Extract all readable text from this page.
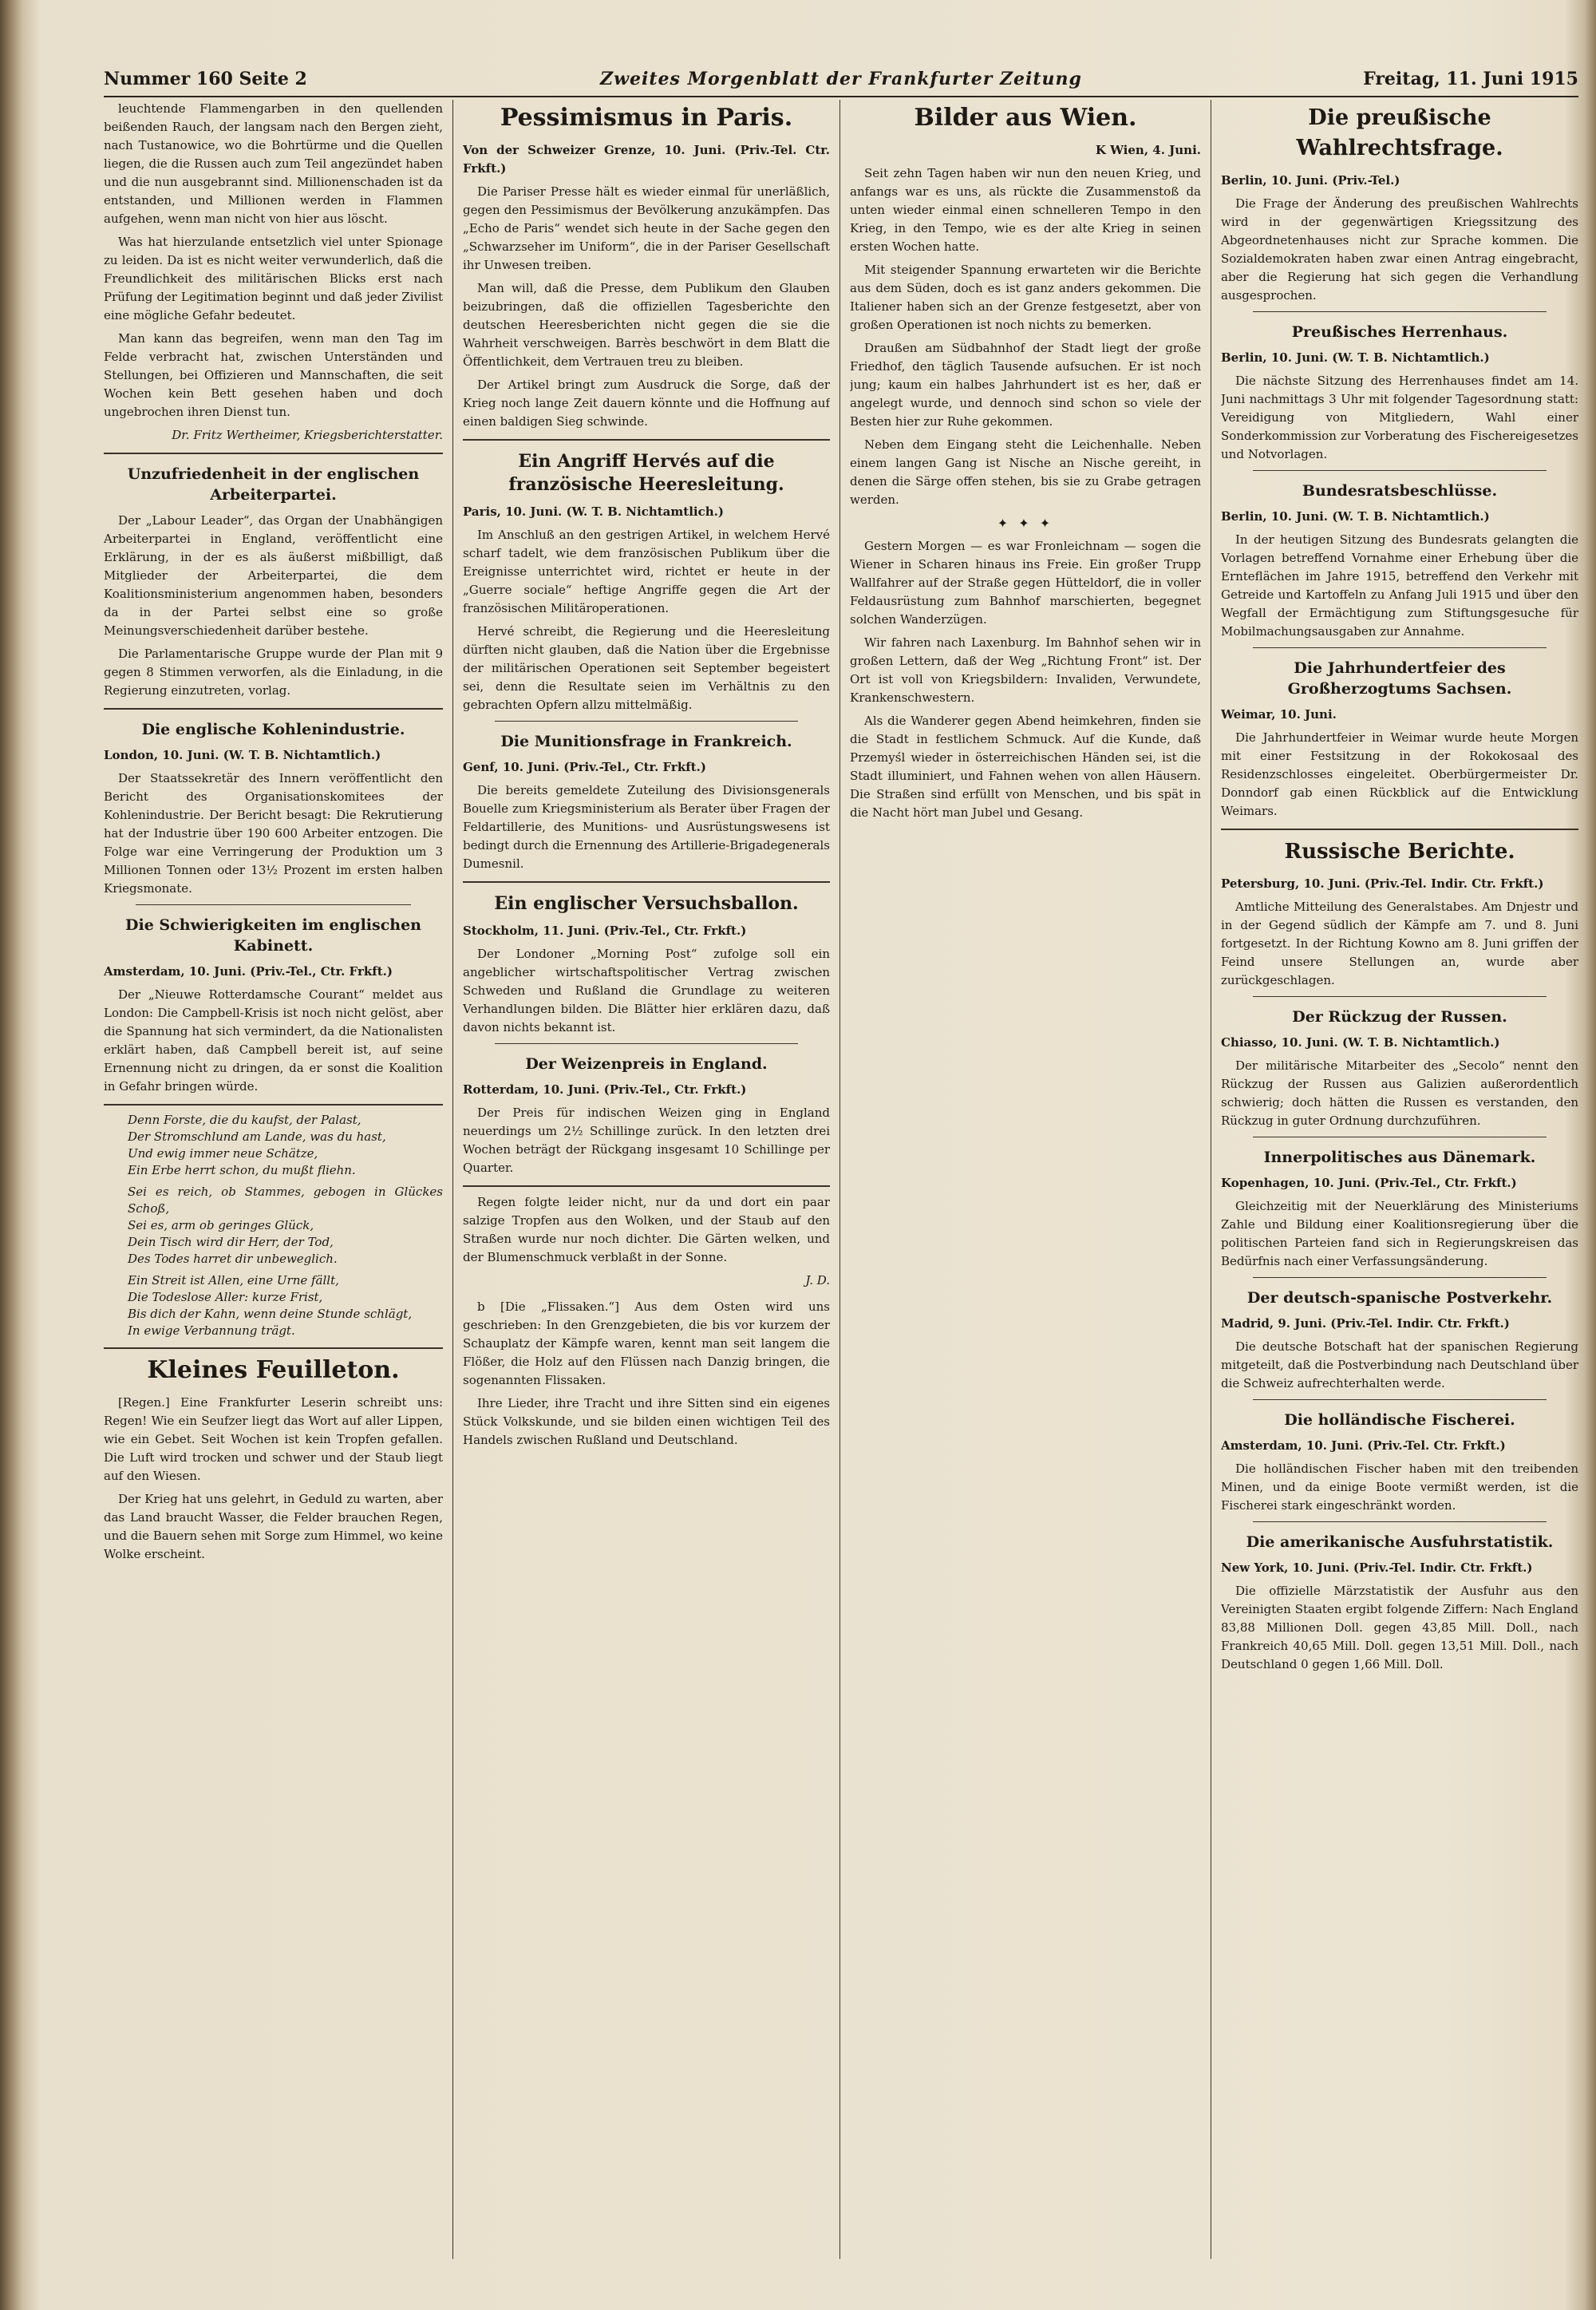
Nummer 160 Seite 2	Zweites Morgenblatt der Frankfurter Zeitung	Freitag, 11. Juni 1915

leuchtende Flammengarben in den quellenden beißenden Rauch, der langsam nach den Bergen zieht, nach Tustanowice, wo die Bohrtürme und die Quellen liegen, die die Russen auch zum Teil angezündet haben und die nun ausgebrannt sind. Millionenschaden ist da entstanden, und Millionen werden in Flammen aufgehen, wenn man nicht von hier aus löscht.

Was hat hierzulande entsetzlich viel unter Spionage zu leiden. Da ist es nicht weiter verwunderlich, daß die Freundlichkeit des militärischen Blicks erst nach Prüfung der Legitimation beginnt und daß jeder Zivilist eine mögliche Gefahr bedeutet.

Man kann das begreifen, wenn man den Tag im Felde verbracht hat, zwischen Unterständen und Stellungen, bei Offizieren und Mannschaften, die seit Wochen kein Bett gesehen haben und doch ungebrochen ihren Dienst tun.

Dr. Fritz Wertheimer, Kriegsberichterstatter.

Unzufriedenheit in der englischen Arbeiterpartei.

Der „Labour Leader“, das Organ der Unabhängigen Arbeiterpartei in England, veröffentlicht eine Erklärung, in der es als äußerst mißbilligt, daß Mitglieder der Arbeiterpartei, die dem Koalitionsministerium angenommen haben, besonders da in der Partei selbst eine so große Meinungsverschiedenheit darüber bestehe.

Die Parlamentarische Gruppe wurde der Plan mit 9 gegen 8 Stimmen verworfen, als die Einladung, in die Regierung einzutreten, vorlag.

Die englische Kohlenindustrie.

London, 10. Juni. (W. T. B. Nichtamtlich.)

Der Staatssekretär des Innern veröffentlicht den Bericht des Organisationskomitees der Kohlenindustrie. Der Bericht besagt: Die Rekrutierung hat der Industrie über 190 600 Arbeiter entzogen. Die Folge war eine Verringerung der Produktion um 3 Millionen Tonnen oder 13½ Prozent im ersten halben Kriegsmonate.

Die Schwierigkeiten im englischen Kabinett.

Amsterdam, 10. Juni. (Priv.-Tel., Ctr. Frkft.)

Der „Nieuwe Rotterdamsche Courant“ meldet aus London: Die Campbell-Krisis ist noch nicht gelöst, aber die Spannung hat sich vermindert, da die Nationalisten erklärt haben, daß Campbell bereit ist, auf seine Ernennung nicht zu dringen, da er sonst die Koalition in Gefahr bringen würde.

Denn Forste, die du kaufst, der Palast,
Der Stromschlund am Lande, was du hast,
Und ewig immer neue Schätze,
Ein Erbe herrt schon, du mußt fliehn.

Sei es reich, ob Stammes, gebogen in Glückes Schoß,
Sei es, arm ob geringes Glück,
Dein Tisch wird dir Herr, der Tod,
Des Todes harret dir unbeweglich.

Ein Streit ist Allen, eine Urne fällt,
Die Todeslose Aller: kurze Frist,
Bis dich der Kahn, wenn deine Stunde schlägt,
In ewige Verbannung trägt.

Kleines Feuilleton.

[Regen.] Eine Frankfurter Leserin schreibt uns: Regen! Wie ein Seufzer liegt das Wort auf aller Lippen, wie ein Gebet. Seit Wochen ist kein Tropfen gefallen. Die Luft wird trocken und schwer und der Staub liegt auf den Wiesen.

Der Krieg hat uns gelehrt, in Geduld zu warten, aber das Land braucht Wasser, die Felder brauchen Regen, und die Bauern sehen mit Sorge zum Himmel, wo keine Wolke erscheint.

Pessimismus in Paris.

Von der Schweizer Grenze, 10. Juni. (Priv.-Tel. Ctr. Frkft.)

Die Pariser Presse hält es wieder einmal für unerläßlich, gegen den Pessimismus der Bevölkerung anzukämpfen. Das „Echo de Paris“ wendet sich heute in der Sache gegen den „Schwarzseher im Uniform“, die in der Pariser Gesellschaft ihr Unwesen treiben.

Man will, daß die Presse, dem Publikum den Glauben beizubringen, daß die offiziellen Tagesberichte den deutschen Heeresberichten nicht gegen die sie die Wahrheit verschweigen. Barrès beschwört in dem Blatt die Öffentlichkeit, dem Vertrauen treu zu bleiben.

Der Artikel bringt zum Ausdruck die Sorge, daß der Krieg noch lange Zeit dauern könnte und die Hoffnung auf einen baldigen Sieg schwinde.

Ein Angriff Hervés auf die französische Heeresleitung.

Paris, 10. Juni. (W. T. B. Nichtamtlich.)

Im Anschluß an den gestrigen Artikel, in welchem Hervé scharf tadelt, wie dem französischen Publikum über die Ereignisse unterrichtet wird, richtet er heute in der „Guerre sociale“ heftige Angriffe gegen die Art der französischen Militäroperationen.

Hervé schreibt, die Regierung und die Heeresleitung dürften nicht glauben, daß die Nation über die Ergebnisse der militärischen Operationen seit September begeistert sei, denn die Resultate seien im Verhältnis zu den gebrachten Opfern allzu mittelmäßig.

Die Munitionsfrage in Frankreich.

Genf, 10. Juni. (Priv.-Tel., Ctr. Frkft.)

Die bereits gemeldete Zuteilung des Divisionsgenerals Bouelle zum Kriegsministerium als Berater über Fragen der Feldartillerie, des Munitions- und Ausrüstungswesens ist bedingt durch die Ernennung des Artillerie-Brigadegenerals Dumesnil.

Ein englischer Versuchsballon.

Stockholm, 11. Juni. (Priv.-Tel., Ctr. Frkft.)

Der Londoner „Morning Post“ zufolge soll ein angeblicher wirtschaftspolitischer Vertrag zwischen Schweden und Rußland die Grundlage zu weiteren Verhandlungen bilden. Die Blätter hier erklären dazu, daß davon nichts bekannt ist.

Der Weizenpreis in England.

Rotterdam, 10. Juni. (Priv.-Tel., Ctr. Frkft.)

Der Preis für indischen Weizen ging in England neuerdings um 2½ Schillinge zurück. In den letzten drei Wochen beträgt der Rückgang insgesamt 10 Schillinge per Quarter.

Regen folgte leider nicht, nur da und dort ein paar salzige Tropfen aus den Wolken, und der Staub auf den Straßen wurde nur noch dichter. Die Gärten welken, und der Blumenschmuck verblaßt in der Sonne.

J. D.

b [Die „Flissaken.“] Aus dem Osten wird uns geschrieben: In den Grenzgebieten, die bis vor kurzem der Schauplatz der Kämpfe waren, kennt man seit langem die Flößer, die Holz auf den Flüssen nach Danzig bringen, die sogenannten Flissaken.

Ihre Lieder, ihre Tracht und ihre Sitten sind ein eigenes Stück Volkskunde, und sie bilden einen wichtigen Teil des Handels zwischen Rußland und Deutschland.

Bilder aus Wien.

K Wien, 4. Juni.

Seit zehn Tagen haben wir nun den neuen Krieg, und anfangs war es uns, als rückte die Zusammenstoß da unten wieder einmal einen schnelleren Tempo in den Krieg, in den Tempo, wie es der alte Krieg in seinen ersten Wochen hatte.

Mit steigender Spannung erwarteten wir die Berichte aus dem Süden, doch es ist ganz anders gekommen. Die Italiener haben sich an der Grenze festgesetzt, aber von großen Operationen ist noch nichts zu bemerken.

Draußen am Südbahnhof der Stadt liegt der große Friedhof, den täglich Tausende aufsuchen. Er ist noch jung; kaum ein halbes Jahrhundert ist es her, daß er angelegt wurde, und dennoch sind schon so viele der Besten hier zur Ruhe gekommen.

Neben dem Eingang steht die Leichenhalle. Neben einem langen Gang ist Nische an Nische gereiht, in denen die Särge offen stehen, bis sie zu Grabe getragen werden.

✦ ✦ ✦

Gestern Morgen — es war Fronleichnam — sogen die Wiener in Scharen hinaus ins Freie. Ein großer Trupp Wallfahrer auf der Straße gegen Hütteldorf, die in voller Feldausrüstung zum Bahnhof marschierten, begegnet solchen Wanderzügen.

Wir fahren nach Laxenburg. Im Bahnhof sehen wir in großen Lettern, daß der Weg „Richtung Front“ ist. Der Ort ist voll von Kriegsbildern: Invaliden, Verwundete, Krankenschwestern.

Als die Wanderer gegen Abend heimkehren, finden sie die Stadt in festlichem Schmuck. Auf die Kunde, daß Przemyśl wieder in österreichischen Händen sei, ist die Stadt illuminiert, und Fahnen wehen von allen Häusern. Die Straßen sind erfüllt von Menschen, und bis spät in die Nacht hört man Jubel und Gesang.

Die preußische Wahlrechtsfrage.

Berlin, 10. Juni. (Priv.-Tel.)

Die Frage der Änderung des preußischen Wahlrechts wird in der gegenwärtigen Kriegssitzung des Abgeordnetenhauses nicht zur Sprache kommen. Die Sozialdemokraten haben zwar einen Antrag eingebracht, aber die Regierung hat sich gegen die Verhandlung ausgesprochen.

Preußisches Herrenhaus.

Berlin, 10. Juni. (W. T. B. Nichtamtlich.)

Die nächste Sitzung des Herrenhauses findet am 14. Juni nachmittags 3 Uhr mit folgender Tagesordnung statt: Vereidigung von Mitgliedern, Wahl einer Sonderkommission zur Vorberatung des Fischereigesetzes und Notvorlagen.

Bundesratsbeschlüsse.

Berlin, 10. Juni. (W. T. B. Nichtamtlich.)

In der heutigen Sitzung des Bundesrats gelangten die Vorlagen betreffend Vornahme einer Erhebung über die Ernteflächen im Jahre 1915, betreffend den Verkehr mit Getreide und Kartoffeln zu Anfang Juli 1915 und über den Wegfall der Ermächtigung zum Stiftungsgesuche für Mobilmachungsausgaben zur Annahme.

Die Jahrhundertfeier des Großherzogtums Sachsen.

Weimar, 10. Juni.

Die Jahrhundertfeier in Weimar wurde heute Morgen mit einer Festsitzung in der Rokokosaal des Residenzschlosses eingeleitet. Oberbürgermeister Dr. Donndorf gab einen Rückblick auf die Entwicklung Weimars.

Russische Berichte.

Petersburg, 10. Juni. (Priv.-Tel. Indir. Ctr. Frkft.)

Amtliche Mitteilung des Generalstabes. Am Dnjestr und in der Gegend südlich der Kämpfe am 7. und 8. Juni fortgesetzt. In der Richtung Kowno am 8. Juni griffen der Feind unsere Stellungen an, wurde aber zurückgeschlagen.

Der Rückzug der Russen.

Chiasso, 10. Juni. (W. T. B. Nichtamtlich.)

Der militärische Mitarbeiter des „Secolo“ nennt den Rückzug der Russen aus Galizien außerordentlich schwierig; doch hätten die Russen es verstanden, den Rückzug in guter Ordnung durchzuführen.

Innerpolitisches aus Dänemark.

Kopenhagen, 10. Juni. (Priv.-Tel., Ctr. Frkft.)

Gleichzeitig mit der Neuerklärung des Ministeriums Zahle und Bildung einer Koalitionsregierung über die politischen Parteien fand sich in Regierungskreisen das Bedürfnis nach einer Verfassungsänderung.

Der deutsch-spanische Postverkehr.

Madrid, 9. Juni. (Priv.-Tel. Indir. Ctr. Frkft.)

Die deutsche Botschaft hat der spanischen Regierung mitgeteilt, daß die Postverbindung nach Deutschland über die Schweiz aufrechterhalten werde.

Die holländische Fischerei.

Amsterdam, 10. Juni. (Priv.-Tel. Ctr. Frkft.)

Die holländischen Fischer haben mit den treibenden Minen, und da einige Boote vermißt werden, ist die Fischerei stark eingeschränkt worden.

Die amerikanische Ausfuhrstatistik.

New York, 10. Juni. (Priv.-Tel. Indir. Ctr. Frkft.)

Die offizielle Märzstatistik der Ausfuhr aus den Vereinigten Staaten ergibt folgende Ziffern: Nach England 83,88 Millionen Doll. gegen 43,85 Mill. Doll., nach Frankreich 40,65 Mill. Doll. gegen 13,51 Mill. Doll., nach Deutschland 0 gegen 1,66 Mill. Doll.
